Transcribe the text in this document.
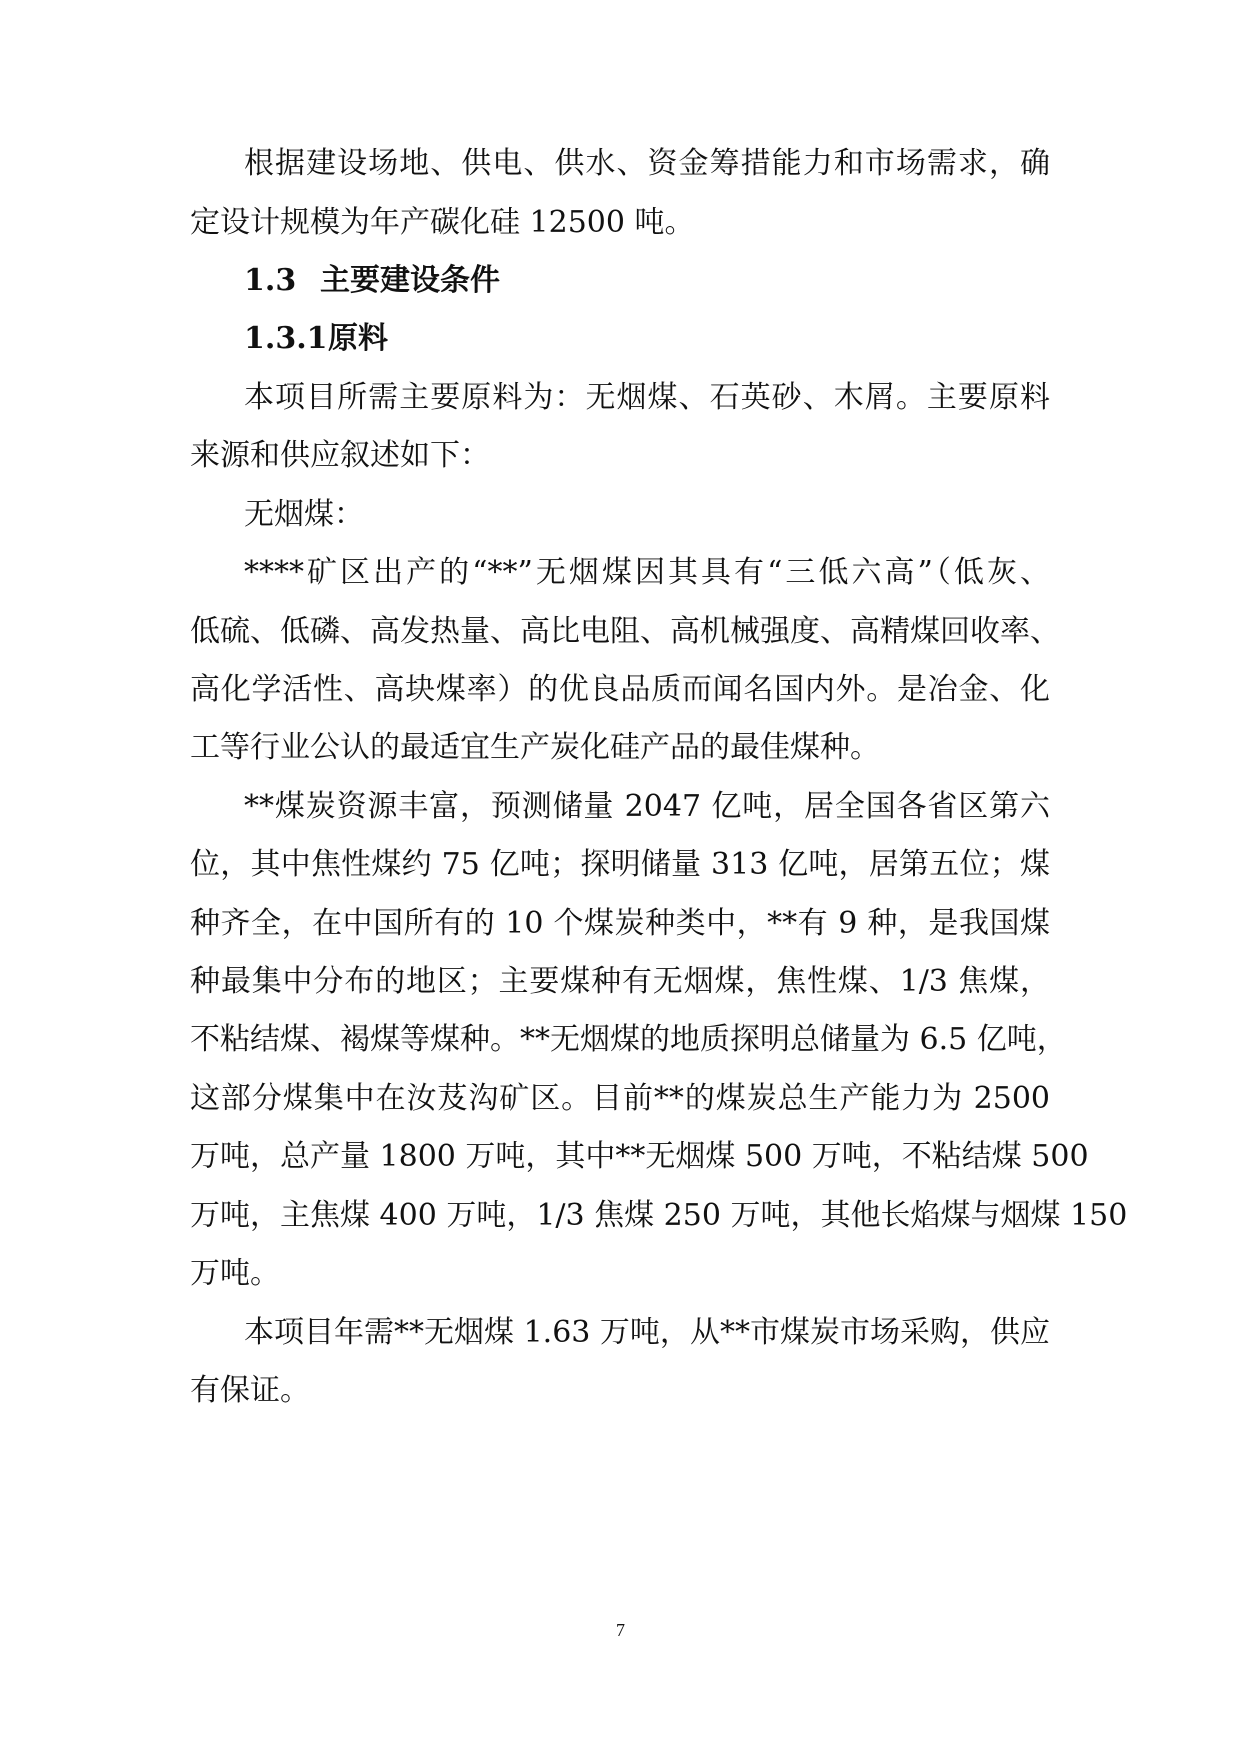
根据建设场地、供电、供水、资金筹措能力和市场需求，确
定设计规模为年产碳化硅 12500 吨。
1.3 主要建设条件
1.3.1原料
本项目所需主要原料为：无烟煤、石英砂、木屑。主要原料
来源和供应叙述如下：
无烟煤：
****矿区出产的“**”无烟煤因其具有“三低六高”（低灰、
低硫、低磷、高发热量、高比电阻、高机械强度、高精煤回收率、
高化学活性、高块煤率）的优良品质而闻名国内外。是冶金、化
工等行业公认的最适宜生产炭化硅产品的最佳煤种。
**煤炭资源丰富，预测储量 2047 亿吨，居全国各省区第六
位，其中焦性煤约 75 亿吨；探明储量 313 亿吨，居第五位；煤
种齐全，在中国所有的 10 个煤炭种类中，**有 9 种，是我国煤
种最集中分布的地区；主要煤种有无烟煤，焦性煤、1/3 焦煤，
不粘结煤、褐煤等煤种。**无烟煤的地质探明总储量为 6.5 亿吨，
这部分煤集中在汝芨沟矿区。目前**的煤炭总生产能力为 2500
万吨，总产量 1800 万吨，其中**无烟煤 500 万吨，不粘结煤 500
万吨，主焦煤 400 万吨，1/3 焦煤 250 万吨，其他长焰煤与烟煤 150
万吨。
本项目年需**无烟煤 1.63 万吨，从**市煤炭市场采购，供应
有保证。
7
